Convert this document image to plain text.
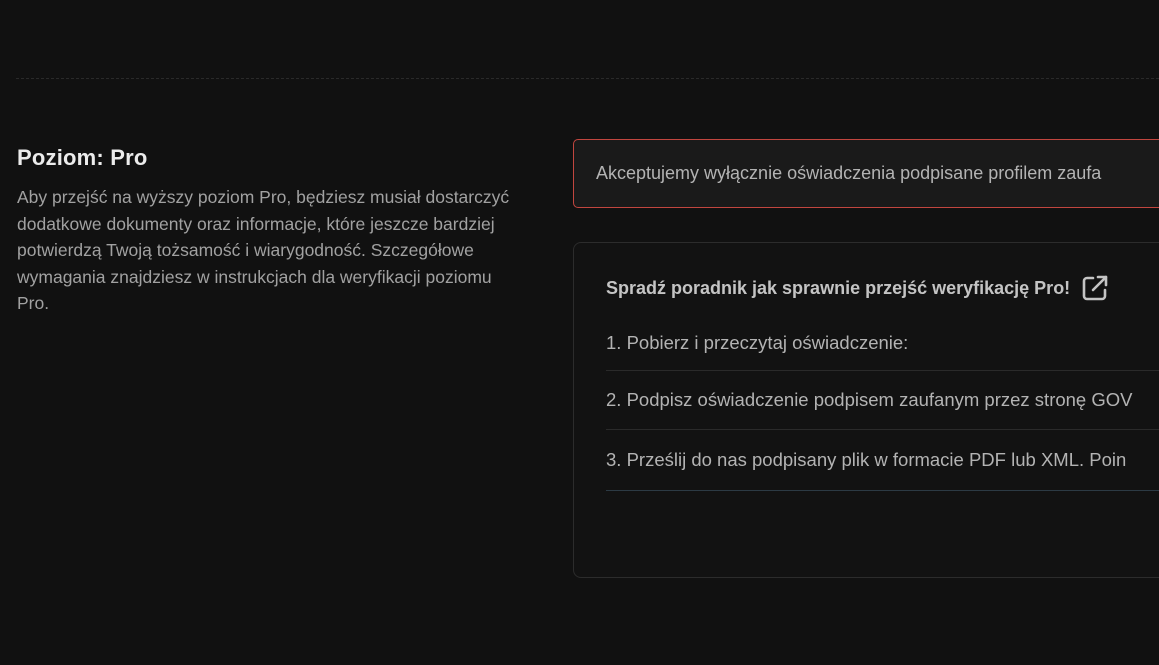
Poziom: Pro

Aby przejść na wyższy poziom Pro, będziesz musiał dostarczyć dodatkowe dokumenty oraz informacje, które jeszcze bardziej potwierdzą Twoją tożsamość i wiarygodność. Szczegółowe wymagania znajdziesz w instrukcjach dla weryfikacji poziomu Pro.

Akceptujemy wyłącznie oświadczenia podpisane profilem zaufa
Spradź poradnik jak sprawnie przejść weryfikację Pro!
1. Pobierz i przeczytaj oświadczenie:
2. Podpisz oświadczenie podpisem zaufanym przez stronę GOV
3. Prześlij do nas podpisany plik w formacie PDF lub XML. Poin
